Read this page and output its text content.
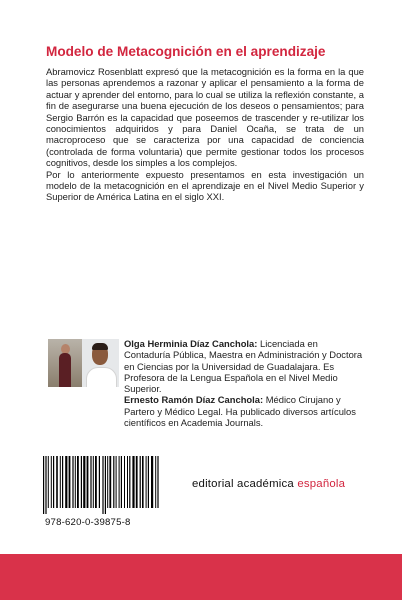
Modelo de Metacognición en el aprendizaje

Abramovicz Rosenblatt expresó que la metacognición es la forma en la que las personas aprendemos a razonar y aplicar el pensamiento a la forma de actuar y aprender del entorno, para lo cual se utiliza la reflexión constante, a fin de asegurarse una buena ejecución de los deseos o pensamientos; para Sergio Barrón es la capacidad que poseemos de trascender y re-utilizar los conocimientos adquiridos y para Daniel Ocaña, se trata de un macroproceso que se caracteriza por una capacidad de conciencia (controlada de forma voluntaria) que permite gestionar todos los procesos cognitivos, desde los simples a los complejos.

Por lo anteriormente expuesto presentamos en esta investigación un modelo de la metacognición en el aprendizaje en el Nivel Medio Superior y Superior de América Latina en el siglo XXI.

Olga Herminia Díaz Canchola: Licenciada en Contaduría Pública, Maestra en Administración y Doctora en Ciencias por la Universidad de Guadalajara. Es Profesora de la Lengua Española en el Nivel Medio Superior.

Ernesto Ramón Díaz Canchola: Médico Cirujano y Partero y Médico Legal. Ha publicado diversos artículos científicos en Academia Journals.

978-620-0-39875-8

editorial académica española
